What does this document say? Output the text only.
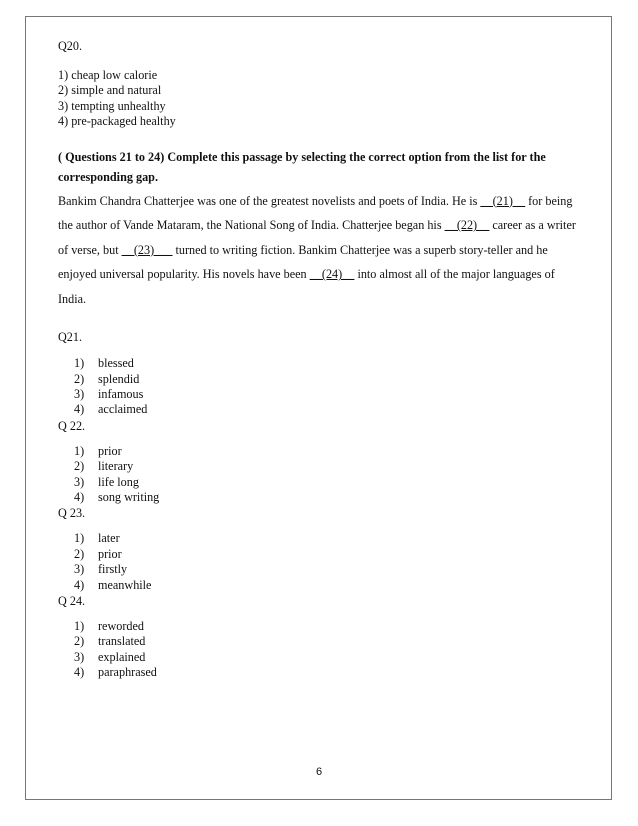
Q20.

1) cheap low calorie
2) simple and natural
3) tempting unhealthy
4) pre-packaged healthy

( Questions 21 to 24) Complete this passage by selecting the correct option from the list for the corresponding gap.

Bankim Chandra Chatterjee was one of the greatest novelists and poets of India. He is __(21)__ for being the author of Vande Mataram, the National Song of India. Chatterjee began his __(22)__ career as a writer of verse, but __(23)___ turned to writing fiction. Bankim Chatterjee was a superb story-teller and he enjoyed universal popularity. His novels have been __(24)__ into almost all of the major languages of India.

Q21.

1)	blessed
2)	splendid
3)	infamous
4)	acclaimed

Q 22.

1)	prior
2)	literary
3)	life long
4)	song writing

Q 23.

1)	later
2)	prior
3)	firstly
4)	meanwhile

Q 24.

1)	reworded
2)	translated
3)	explained
4)	paraphrased
6
